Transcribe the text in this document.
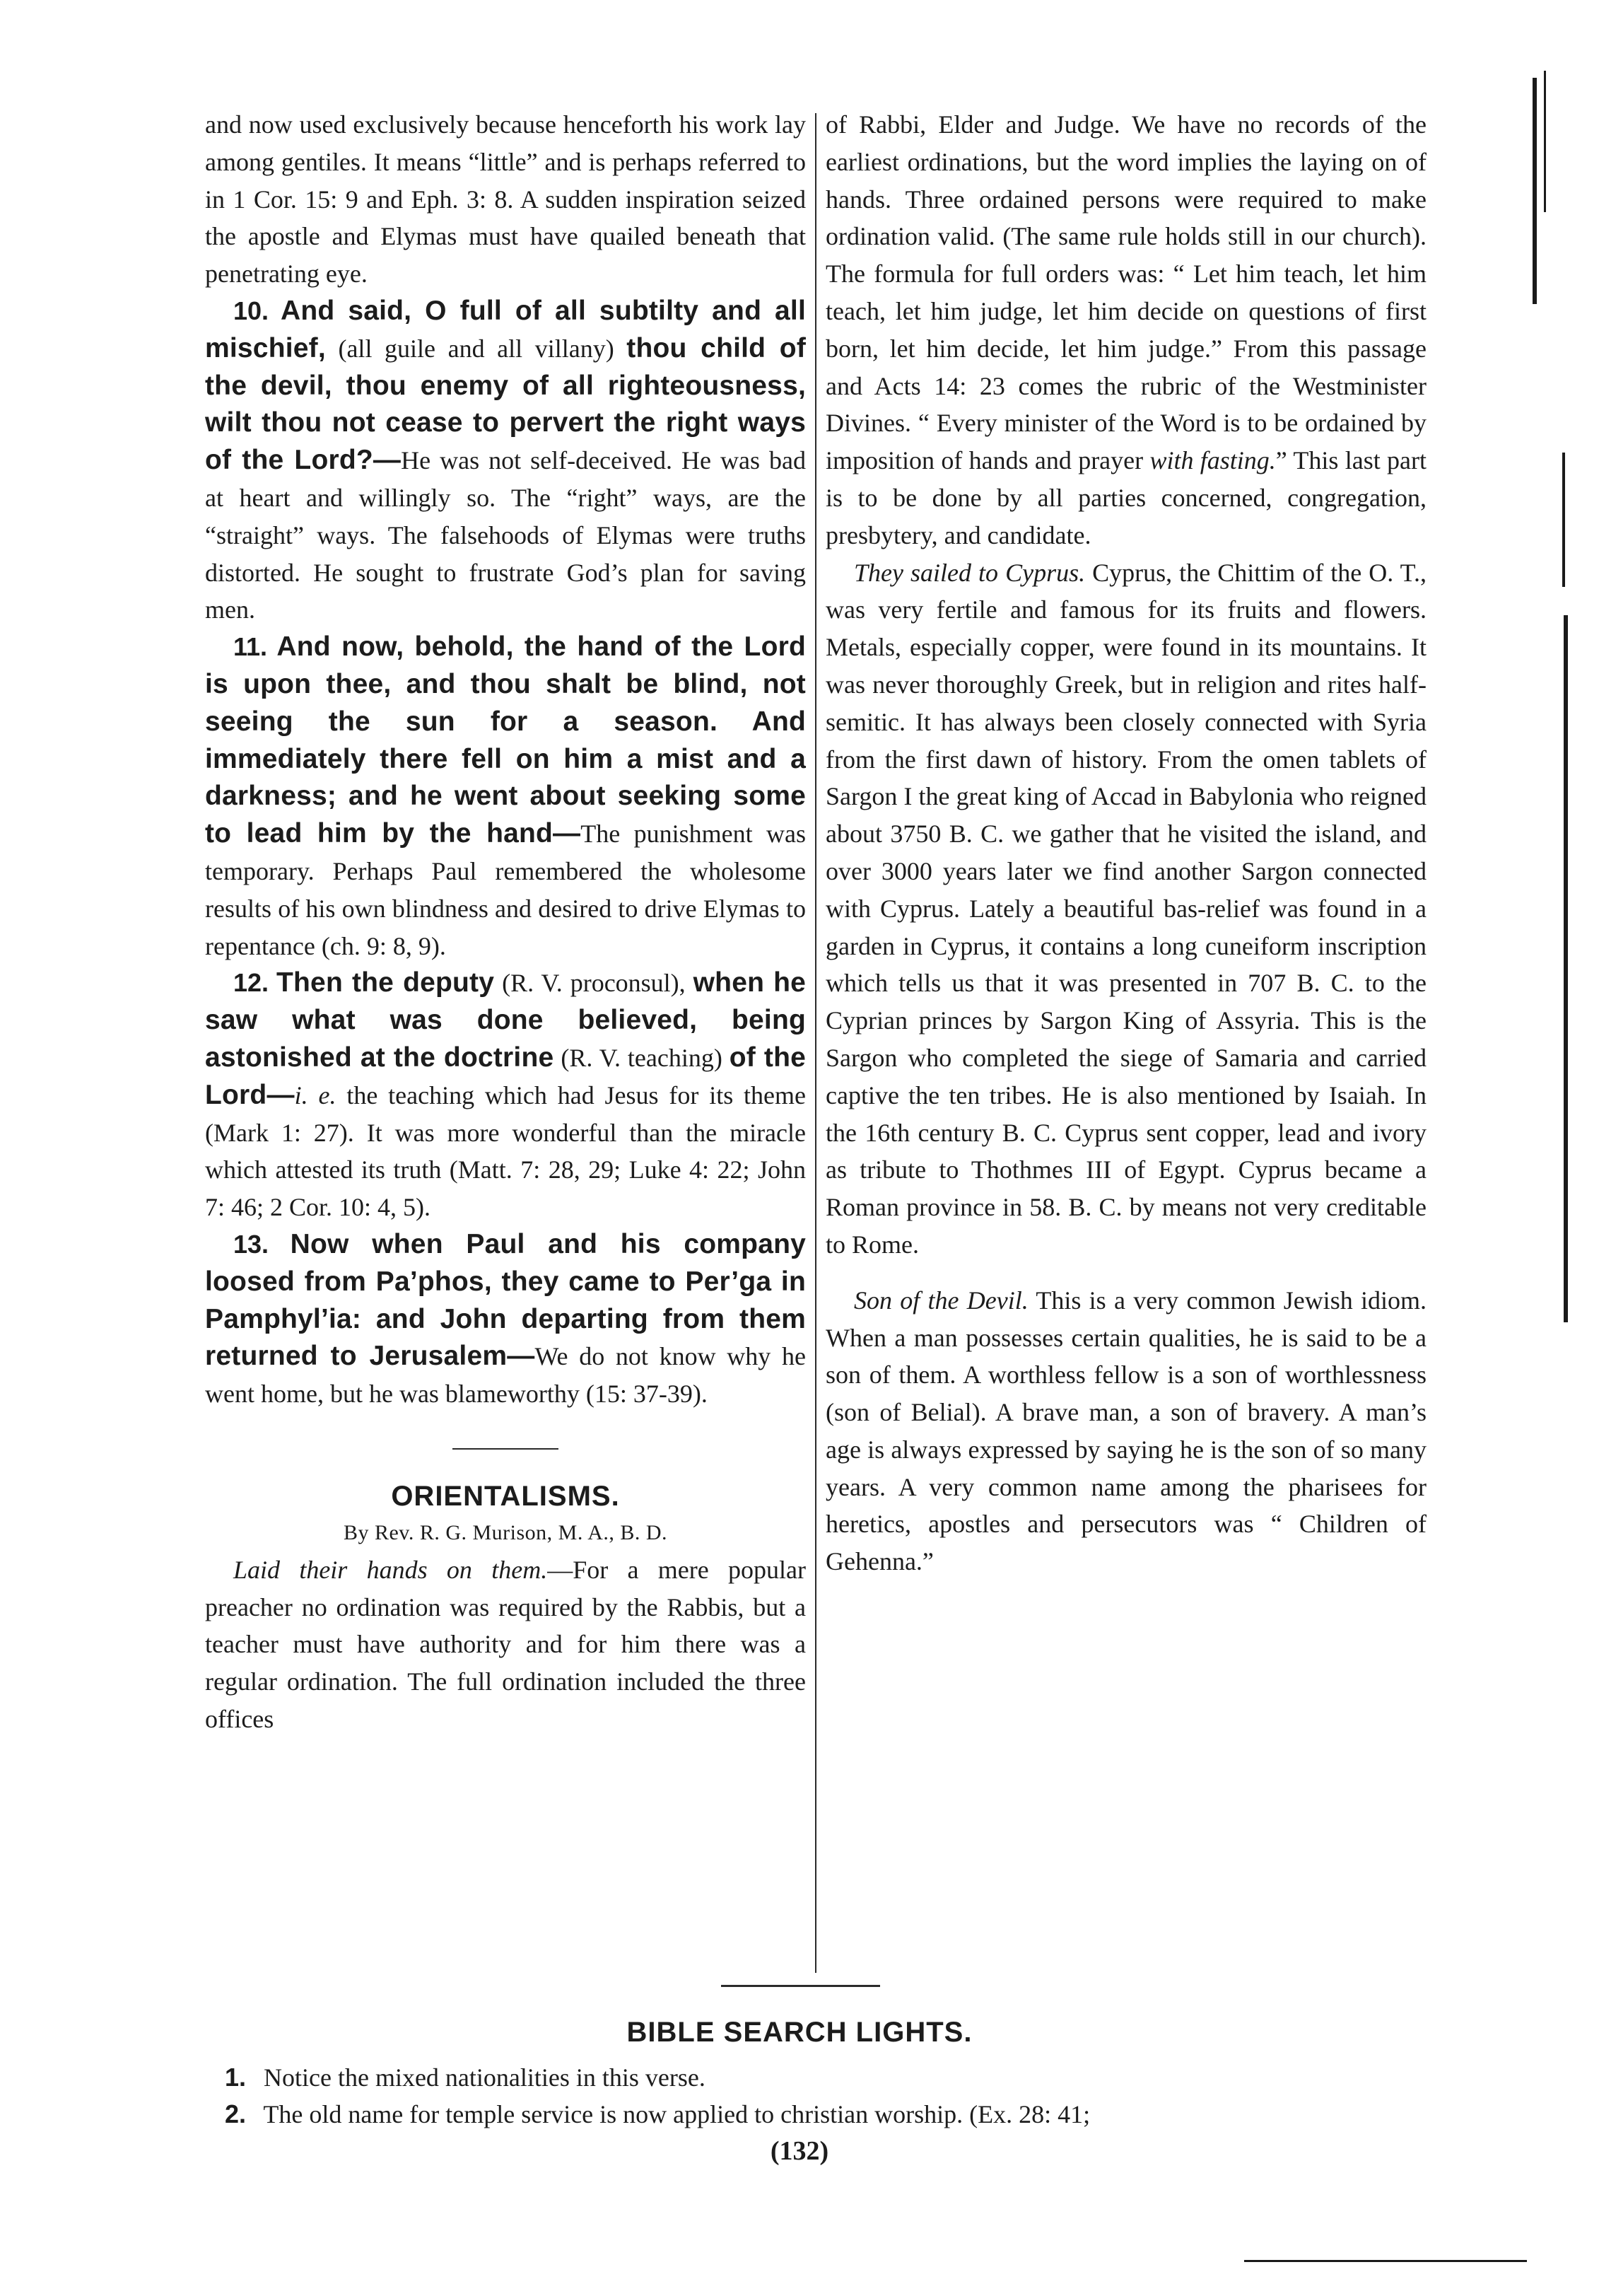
and now used exclusively because henceforth his work lay among gentiles. It means “little” and is perhaps referred to in 1 Cor. 15: 9 and Eph. 3: 8. A sudden inspiration seized the apostle and Elymas must have quailed beneath that penetrating eye.

10. And said, O full of all subtilty and all mischief, (all guile and all villany) thou child of the devil, thou enemy of all righteousness, wilt thou not cease to pervert the right ways of the Lord?—He was not self-deceived. He was bad at heart and willingly so. The “right” ways, are the “straight” ways. The falsehoods of Elymas were truths distorted. He sought to frustrate God’s plan for saving men.

11. And now, behold, the hand of the Lord is upon thee, and thou shalt be blind, not seeing the sun for a season. And immediately there fell on him a mist and a darkness; and he went about seeking some to lead him by the hand—The punishment was temporary. Perhaps Paul remembered the wholesome results of his own blindness and desired to drive Elymas to repentance (ch. 9: 8, 9).

12. Then the deputy (R. V. proconsul), when he saw what was done believed, being astonished at the doctrine (R. V. teaching) of the Lord—i. e. the teaching which had Jesus for its theme (Mark 1: 27). It was more wonderful than the miracle which attested its truth (Matt. 7: 28, 29; Luke 4: 22; John 7: 46; 2 Cor. 10: 4, 5).

13. Now when Paul and his company loosed from Pa’phos, they came to Per’ga in Pamphyl’ia: and John departing from them returned to Jerusalem—We do not know why he went home, but he was blameworthy (15: 37-39).

ORIENTALISMS.
By Rev. R. G. Murison, M. A., B. D.

Laid their hands on them.—For a mere popular preacher no ordination was required by the Rabbis, but a teacher must have authority and for him there was a regular ordination. The full ordination included the three offices

of Rabbi, Elder and Judge. We have no records of the earliest ordinations, but the word implies the laying on of hands. Three ordained persons were required to make ordination valid. (The same rule holds still in our church). The formula for full orders was: “ Let him teach, let him teach, let him judge, let him decide on questions of first born, let him decide, let him judge.” From this passage and Acts 14: 23 comes the rubric of the Westminister Divines. “ Every minister of the Word is to be ordained by imposition of hands and prayer with fasting.” This last part is to be done by all parties concerned, congregation, presbytery, and candidate.

They sailed to Cyprus. Cyprus, the Chittim of the O. T., was very fertile and famous for its fruits and flowers. Metals, especially copper, were found in its mountains. It was never thoroughly Greek, but in religion and rites half-semitic. It has always been closely connected with Syria from the first dawn of history. From the omen tablets of Sargon I the great king of Accad in Babylonia who reigned about 3750 B. C. we gather that he visited the island, and over 3000 years later we find another Sargon connected with Cyprus. Lately a beautiful bas-relief was found in a garden in Cyprus, it contains a long cuneiform inscription which tells us that it was presented in 707 B. C. to the Cyprian princes by Sargon King of Assyria. This is the Sargon who completed the siege of Samaria and carried captive the ten tribes. He is also mentioned by Isaiah. In the 16th century B. C. Cyprus sent copper, lead and ivory as tribute to Thothmes III of Egypt. Cyprus became a Roman province in 58. B. C. by means not very creditable to Rome.

Son of the Devil. This is a very common Jewish idiom. When a man possesses certain qualities, he is said to be a son of them. A worthless fellow is a son of worthlessness (son of Belial). A brave man, a son of bravery. A man’s age is always expressed by saying he is the son of so many years. A very common name among the pharisees for heretics, apostles and persecutors was “ Children of Gehenna.”

BIBLE SEARCH LIGHTS.
1. Notice the mixed nationalities in this verse.
2. The old name for temple service is now applied to christian worship. (Ex. 28: 41;
(132)
